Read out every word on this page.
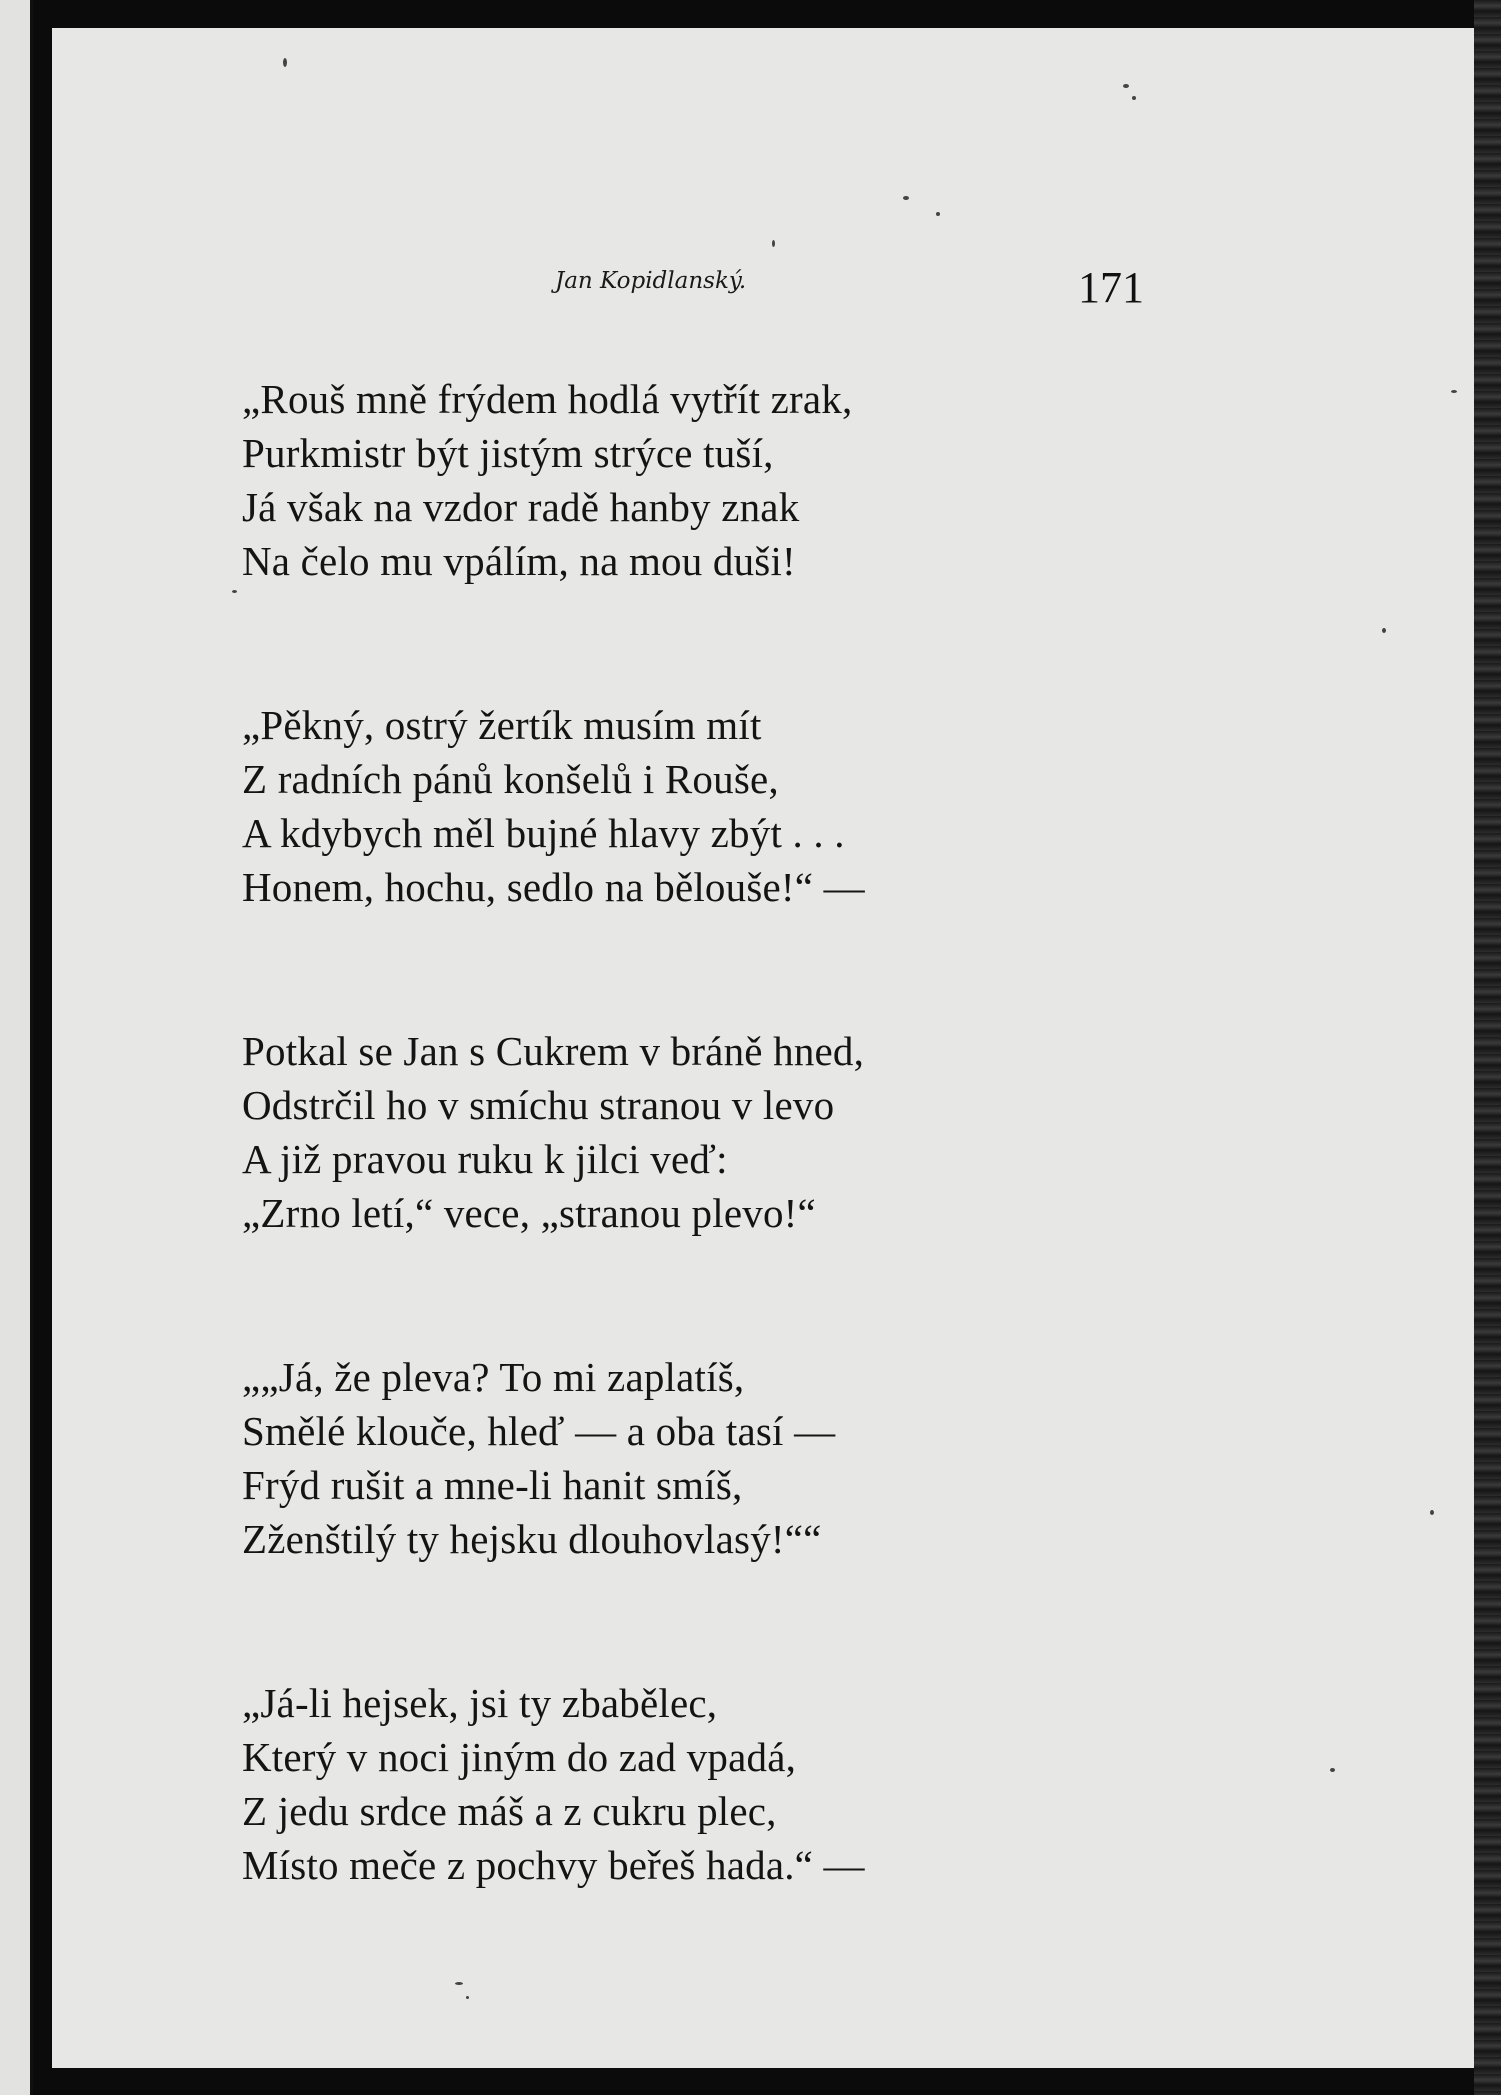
Jan Kopidlanský.	171
„Rouš mně frýdem hodlá vytřít zrak,
Purkmistr být jistým strýce tuší,
Já však na vzdor radě hanby znak
Na čelo mu vpálím, na mou duši!
„Pěkný, ostrý žertík musím mít
Z radních pánů konšelů i Rouše,
A kdybych měl bujné hlavy zbýt . . .
Honem, hochu, sedlo na bělouše!“ —
Potkal se Jan s Cukrem v bráně hned,
Odstrčil ho v smíchu stranou v levo
A již pravou ruku k jilci veď:
„Zrno letí,“ vece, „stranou plevo!“
„„Já, že pleva? To mi zaplatíš,
Smělé klouče, hleď — a oba tasí —
Frýd rušit a mne-li hanit smíš,
Zženštilý ty hejsku dlouhovlasý!““
„Já-li hejsek, jsi ty zbabělec,
Který v noci jiným do zad vpadá,
Z jedu srdce máš a z cukru plec,
Místo meče z pochvy beřeš hada.“ —
